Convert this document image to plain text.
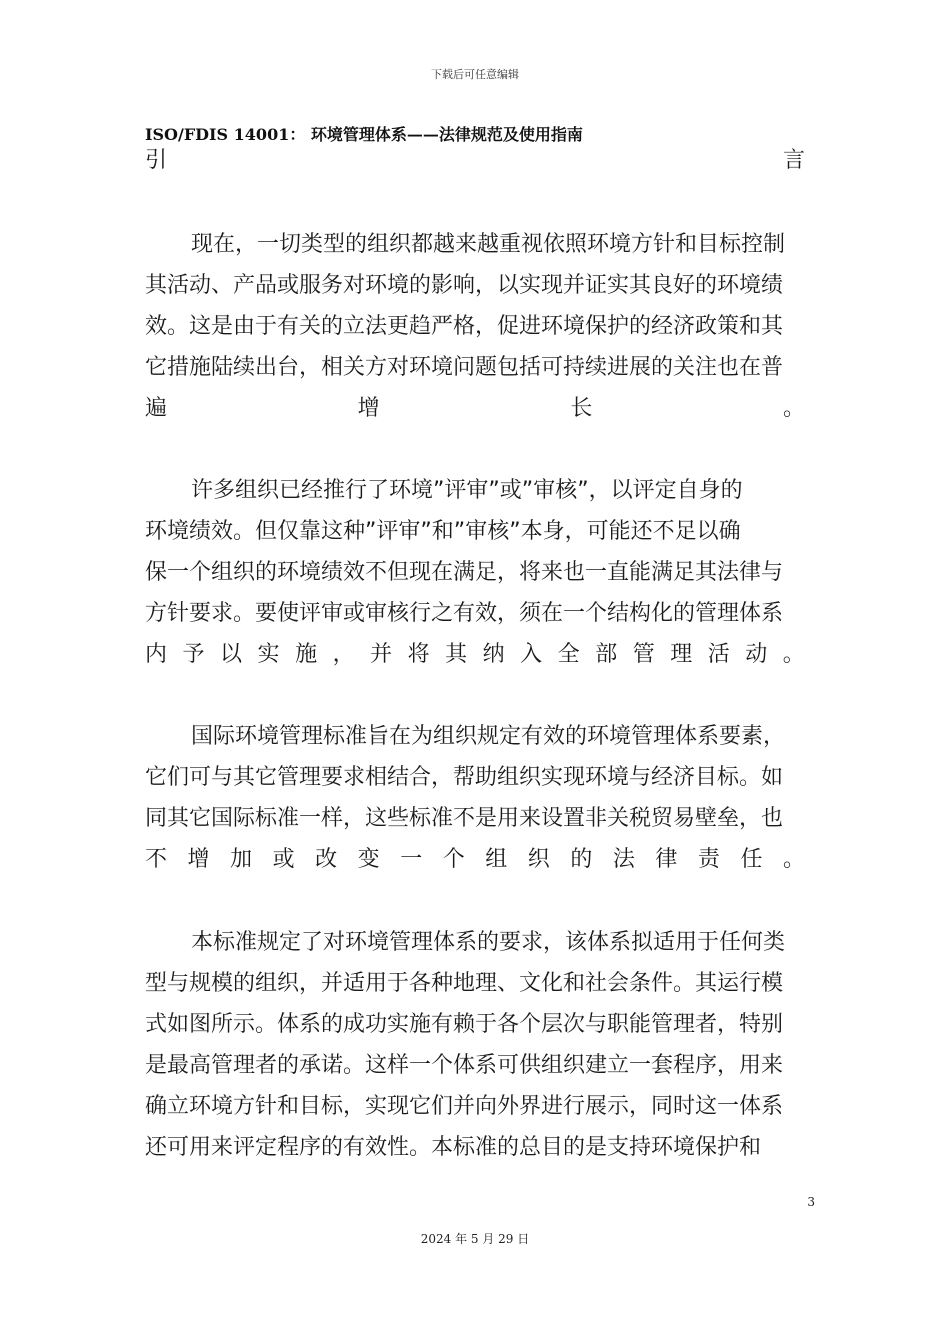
下载后可任意编辑
ISO/FDIS 14001： 环境管理体系——法律规范及使用指南
引	言
现在，一切类型的组织都越来越重视依照环境方针和目标控制
其活动、产品或服务对环境的影响，以实现并证实其良好的环境绩
效。这是由于有关的立法更趋严格，促进环境保护的经济政策和其
它措施陆续出台，相关方对环境问题包括可持续进展的关注也在普
遍	增	长	。
许多组织已经推行了环境”评审”或”审核”，以评定自身的
环境绩效。但仅靠这种”评审”和”审核”本身，可能还不足以确
保一个组织的环境绩效不但现在满足，将来也一直能满足其法律与
方针要求。要使评审或审核行之有效，须在一个结构化的管理体系
内 予 以 实 施 ， 并 将 其 纳 入 全 部 管 理 活 动 。
国际环境管理标准旨在为组织规定有效的环境管理体系要素，
它们可与其它管理要求相结合，帮助组织实现环境与经济目标。如
同其它国际标准一样，这些标准不是用来设置非关税贸易壁垒，也
不 增 加 或 改 变 一 个 组 织 的 法 律 责 任 。
本标准规定了对环境管理体系的要求，该体系拟适用于任何类
型与规模的组织，并适用于各种地理、文化和社会条件。其运行模
式如图所示。体系的成功实施有赖于各个层次与职能管理者，特别
是最高管理者的承诺。这样一个体系可供组织建立一套程序，用来
确立环境方针和目标，实现它们并向外界进行展示，同时这一体系
还可用来评定程序的有效性。本标准的总目的是支持环境保护和
3
2024 年 5 月 29 日
